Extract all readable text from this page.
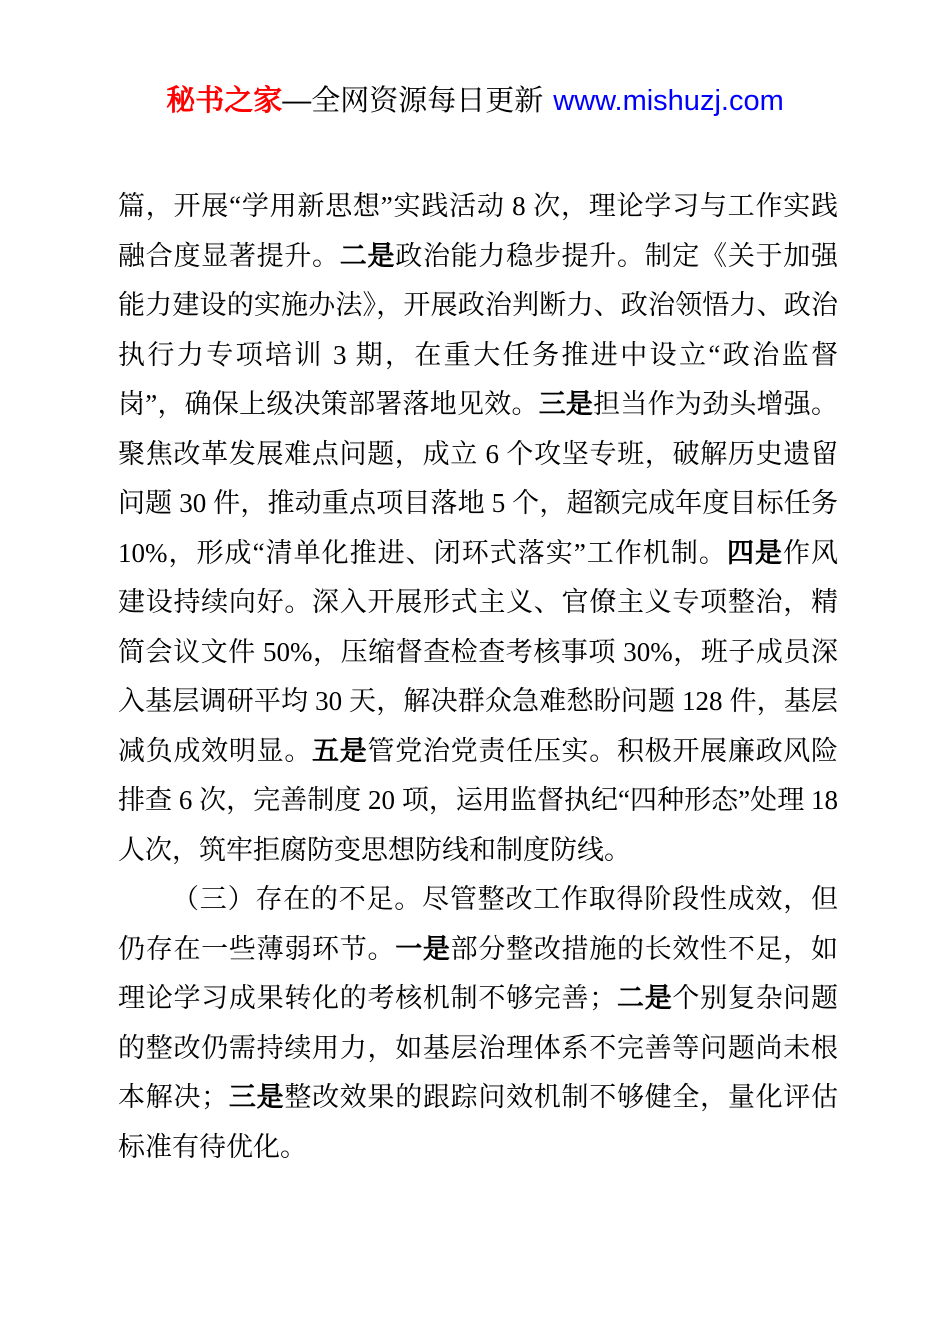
秘书之家—全网资源每日更新 www.mishuzj.com

篇，开展“学用新思想”实践活动 8 次，理论学习与工作实践融合度显著提升。二是政治能力稳步提升。制定《关于加强能力建设的实施办法》，开展政治判断力、政治领悟力、政治执行力专项培训 3 期，在重大任务推进中设立“政治监督岗”，确保上级决策部署落地见效。三是担当作为劲头增强。聚焦改革发展难点问题，成立 6 个攻坚专班，破解历史遗留问题 30 件，推动重点项目落地 5 个，超额完成年度目标任务 10%，形成“清单化推进、闭环式落实”工作机制。四是作风建设持续向好。深入开展形式主义、官僚主义专项整治，精简会议文件 50%，压缩督查检查考核事项 30%，班子成员深入基层调研平均 30 天，解决群众急难愁盼问题 128 件，基层减负成效明显。五是管党治党责任压实。积极开展廉政风险排查 6 次，完善制度 20 项，运用监督执纪“四种形态”处理 18 人次，筑牢拒腐防变思想防线和制度防线。

（三）存在的不足。尽管整改工作取得阶段性成效，但仍存在一些薄弱环节。一是部分整改措施的长效性不足，如理论学习成果转化的考核机制不够完善；二是个别复杂问题的整改仍需持续用力，如基层治理体系不完善等问题尚未根本解决；三是整改效果的跟踪问效机制不够健全，量化评估标准有待优化。
